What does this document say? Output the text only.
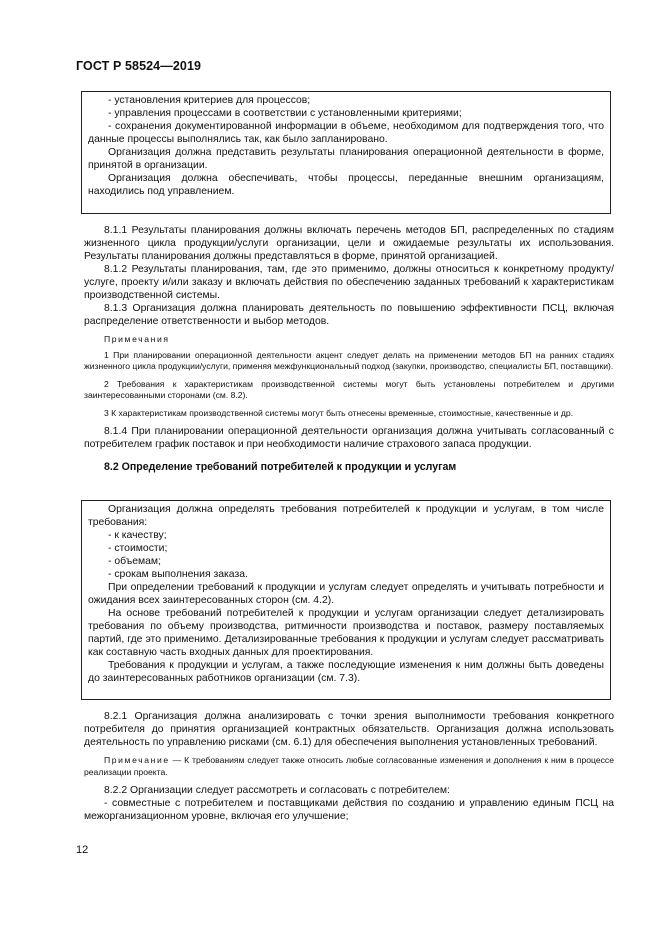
ГОСТ Р 58524—2019

- установления критериев для процессов;

- управления процессами в соответствии с установленными критериями;

- сохранения документированной информации в объеме, необходимом для подтверждения того, что данные процессы выполнялись так, как было запланировано.

Организация должна представить результаты планирования операционной деятельности в форме, принятой в организации.

Организация должна обеспечивать, чтобы процессы, переданные внешним организациям, находились под управлением.

8.1.1 Результаты планирования должны включать перечень методов БП, распределенных по стадиям жизненного цикла продукции/услуги организации, цели и ожидаемые результаты их использования. Результаты планирования должны представляться в форме, принятой организацией.

8.1.2 Результаты планирования, там, где это применимо, должны относиться к конкретному продукту/услуге, проекту и/или заказу и включать действия по обеспечению заданных требований к характеристикам производственной системы.

8.1.3 Организация должна планировать деятельность по повышению эффективности ПСЦ, включая распределение ответственности и выбор методов.

Примечания

1 При планировании операционной деятельности акцент следует делать на применении методов БП на ранних стадиях жизненного цикла продукции/услуги, применяя межфункциональный подход (закупки, производство, специалисты БП, поставщики).

2 Требования к характеристикам производственной системы могут быть установлены потребителем и другими заинтересованными сторонами (см. 8.2).

3 К характеристикам производственной системы могут быть отнесены временные, стоимостные, качественные и др.

8.1.4 При планировании операционной деятельности организация должна учитывать согласованный с потребителем график поставок и при необходимости наличие страхового запаса продукции.

8.2 Определение требований потребителей к продукции и услугам

Организация должна определять требования потребителей к продукции и услугам, в том числе требования:

- к качеству;

- стоимости;

- объемам;

- срокам выполнения заказа.

При определении требований к продукции и услугам следует определять и учитывать потребности и ожидания всех заинтересованных сторон (см. 4.2).

На основе требований потребителей к продукции и услугам организации следует детализировать требования по объему производства, ритмичности производства и поставок, размеру поставляемых партий, где это применимо. Детализированные требования к продукции и услугам следует рассматривать как составную часть входных данных для проектирования.

Требования к продукции и услугам, а также последующие изменения к ним должны быть доведены до заинтересованных работников организации (см. 7.3).

8.2.1 Организация должна анализировать с точки зрения выполнимости требования конкретного потребителя до принятия организацией контрактных обязательств. Организация должна использовать деятельность по управлению рисками (см. 6.1) для обеспечения выполнения установленных требований.

Примечание — К требованиям следует также относить любые согласованные изменения и дополнения к ним в процессе реализации проекта.

8.2.2 Организации следует рассмотреть и согласовать с потребителем:

- совместные с потребителем и поставщиками действия по созданию и управлению единым ПСЦ на межорганизационном уровне, включая его улучшение;

12
